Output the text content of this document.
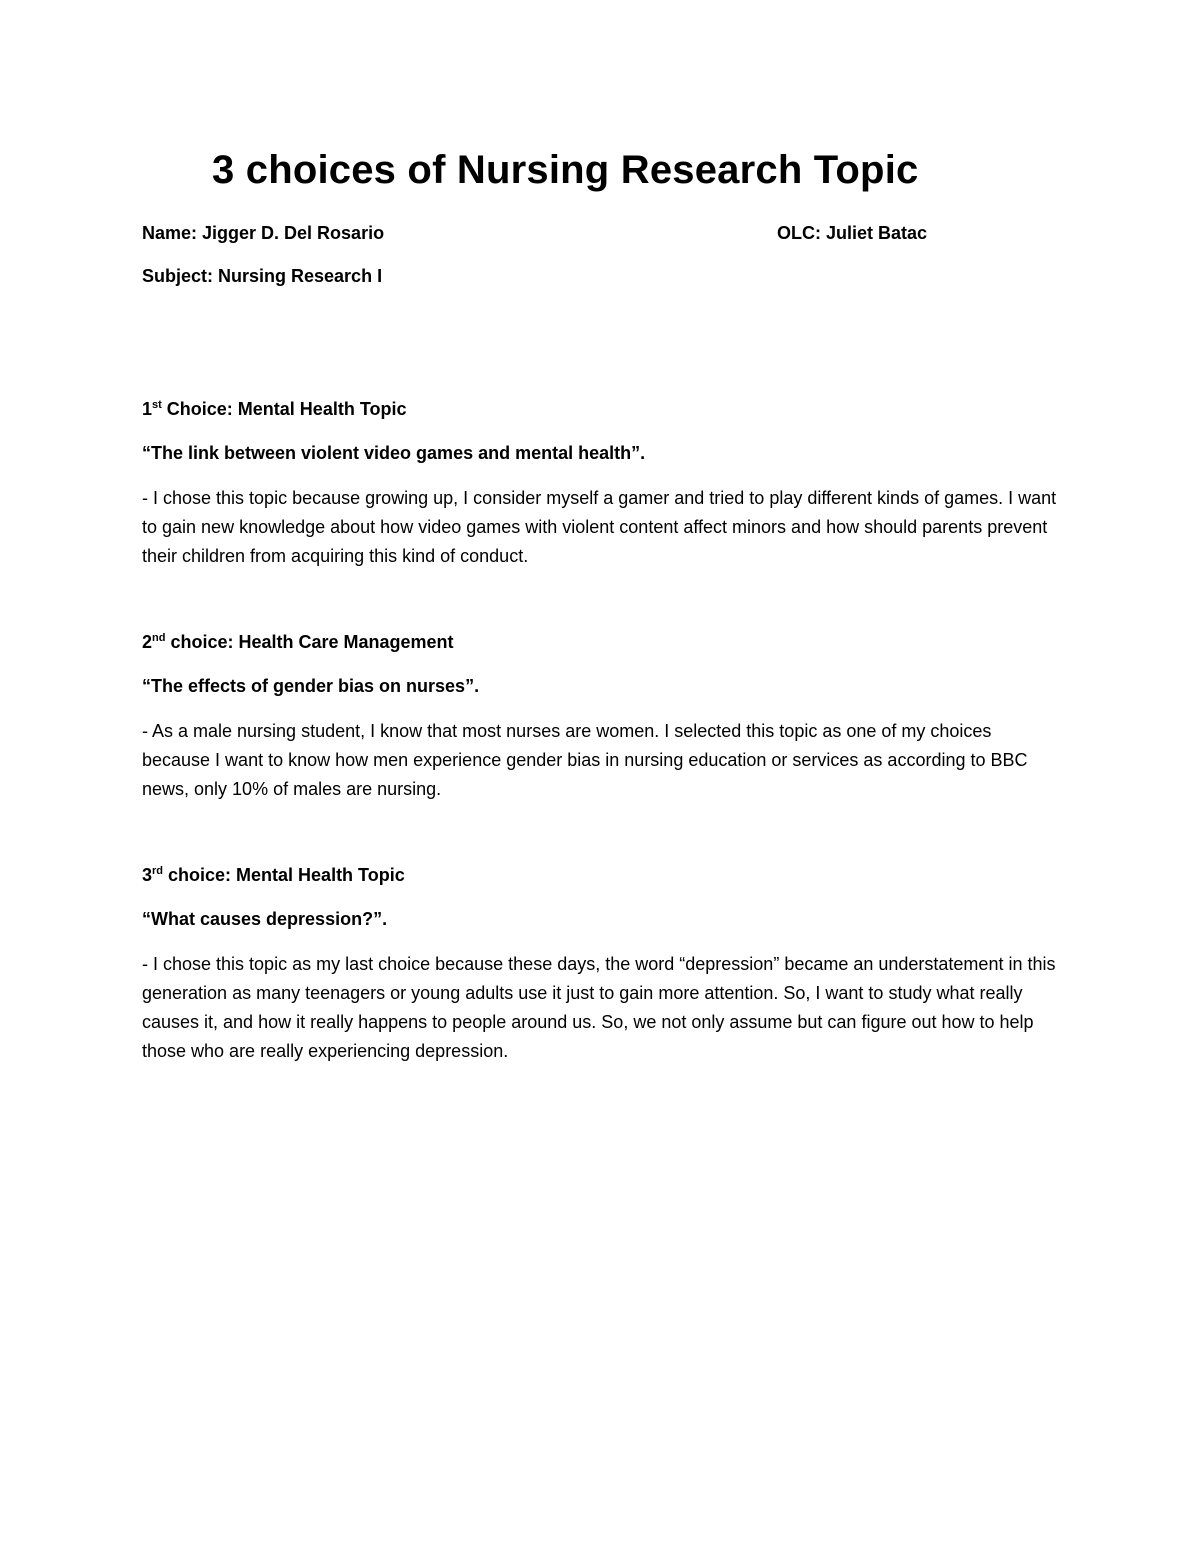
3 choices of Nursing Research Topic
Name: Jigger D. Del Rosario	OLC: Juliet Batac
Subject: Nursing Research I
1st Choice: Mental Health Topic
“The link between violent video games and mental health”.
- I chose this topic because growing up, I consider myself a gamer and tried to play different kinds of games. I want to gain new knowledge about how video games with violent content affect minors and how should parents prevent their children from acquiring this kind of conduct.
2nd choice: Health Care Management
“The effects of gender bias on nurses”.
- As a male nursing student, I know that most nurses are women. I selected this topic as one of my choices because I want to know how men experience gender bias in nursing education or services as according to BBC news, only 10% of males are nursing.
3rd choice: Mental Health Topic
“What causes depression?”.
- I chose this topic as my last choice because these days, the word “depression” became an understatement in this generation as many teenagers or young adults use it just to gain more attention. So, I want to study what really causes it, and how it really happens to people around us. So, we not only assume but can figure out how to help those who are really experiencing depression.
